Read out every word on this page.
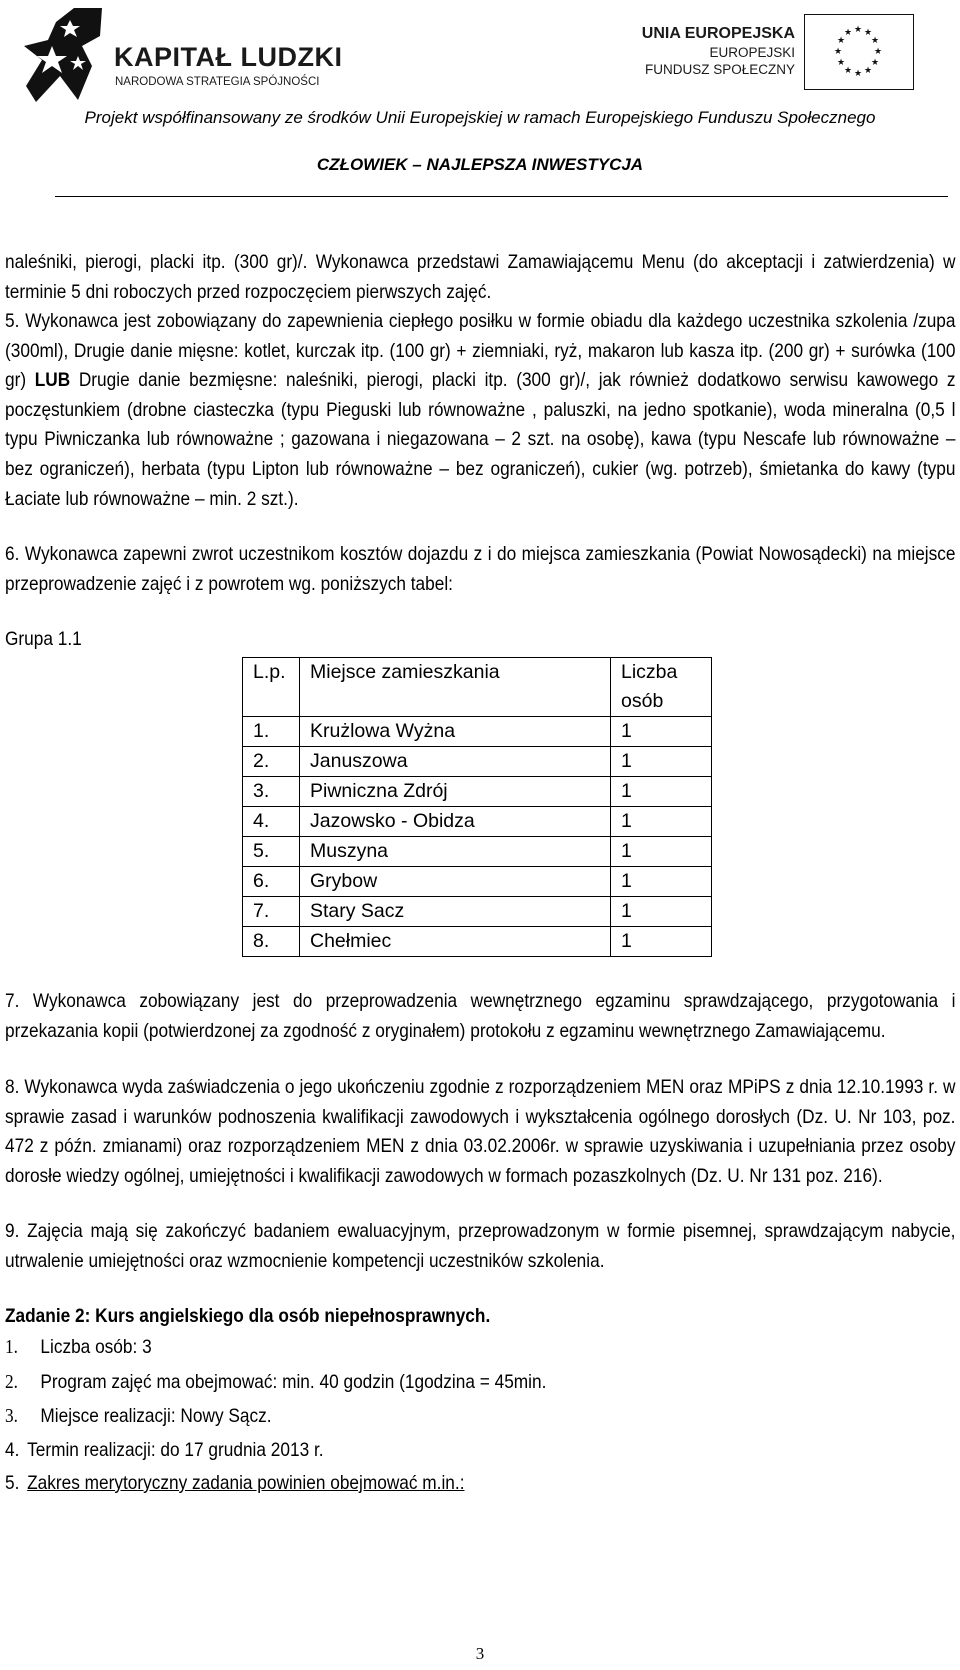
KAPITAŁ LUDZKI
NARODOWA STRATEGIA SPÓJNOŚCI
UNIA EUROPEJSKA
EUROPEJSKI
FUNDUSZ SPOŁECZNY
★ ★
★
★
★
★
★
★
★
★
★
★
Projekt współfinansowany ze środków Unii Europejskiej w ramach Europejskiego Funduszu Społecznego
CZŁOWIEK – NAJLEPSZA INWESTYCJA
naleśniki, pierogi, placki itp. (300 gr)/. Wykonawca przedstawi Zamawiającemu Menu (do akceptacji i zatwierdzenia) w terminie 5 dni roboczych przed rozpoczęciem pierwszych zajęć.
5. Wykonawca jest zobowiązany do zapewnienia ciepłego posiłku w formie obiadu dla każdego uczestnika szkolenia /zupa (300ml), Drugie danie mięsne: kotlet, kurczak itp. (100 gr) + ziemniaki, ryż, makaron lub kasza itp. (200 gr) + surówka (100 gr) LUB Drugie danie bezmięsne: naleśniki, pierogi, placki itp. (300 gr)/, jak również dodatkowo serwisu kawowego z poczęstunkiem (drobne ciasteczka (typu Pieguski lub równoważne , paluszki, na jedno spotkanie), woda mineralna (0,5 l typu Piwniczanka lub równoważne ; gazowana i niegazowana – 2 szt. na osobę), kawa (typu Nescafe lub równoważne – bez ograniczeń), herbata (typu Lipton lub równoważne – bez ograniczeń), cukier (wg. potrzeb), śmietanka do kawy (typu Łaciate lub równoważne – min. 2 szt.).
6. Wykonawca zapewni zwrot uczestnikom kosztów dojazdu z i do miejsca zamieszkania (Powiat Nowosądecki) na miejsce przeprowadzenie zajęć i z powrotem wg. poniższych tabel:
Grupa 1.1
L.p.	Miejsce zamieszkania	Liczba osób
1.	Krużlowa Wyżna	1
2.	Januszowa	1
3.	Piwniczna Zdrój	1
4.	Jazowsko - Obidza	1
5.	Muszyna	1
6.	Grybow	1
7.	Stary Sacz	1
8.	Chełmiec	1
7. Wykonawca zobowiązany jest do przeprowadzenia wewnętrznego egzaminu sprawdzającego, przygotowania i przekazania kopii (potwierdzonej za zgodność z oryginałem) protokołu z egzaminu wewnętrznego Zamawiającemu.
8. Wykonawca wyda zaświadczenia o jego ukończeniu zgodnie z rozporządzeniem MEN oraz MPiPS z dnia 12.10.1993 r. w sprawie zasad i warunków podnoszenia kwalifikacji zawodowych i wykształcenia ogólnego dorosłych (Dz. U. Nr 103, poz. 472 z późn. zmianami) oraz rozporządzeniem MEN z dnia 03.02.2006r. w sprawie uzyskiwania i uzupełniania przez osoby dorosłe wiedzy ogólnej, umiejętności i kwalifikacji zawodowych w formach pozaszkolnych (Dz. U. Nr 131 poz. 216).
9. Zajęcia mają się zakończyć badaniem ewaluacyjnym, przeprowadzonym w formie pisemnej, sprawdzającym nabycie, utrwalenie umiejętności oraz wzmocnienie kompetencji uczestników szkolenia.
Zadanie 2: Kurs angielskiego dla osób niepełnosprawnych.
1. Liczba osób: 3
2. Program zajęć ma obejmować: min. 40 godzin (1godzina = 45min.
3. Miejsce realizacji: Nowy Sącz.
4. Termin realizacji: do 17 grudnia 2013 r.
5. Zakres merytoryczny zadania powinien obejmować m.in.:
3
